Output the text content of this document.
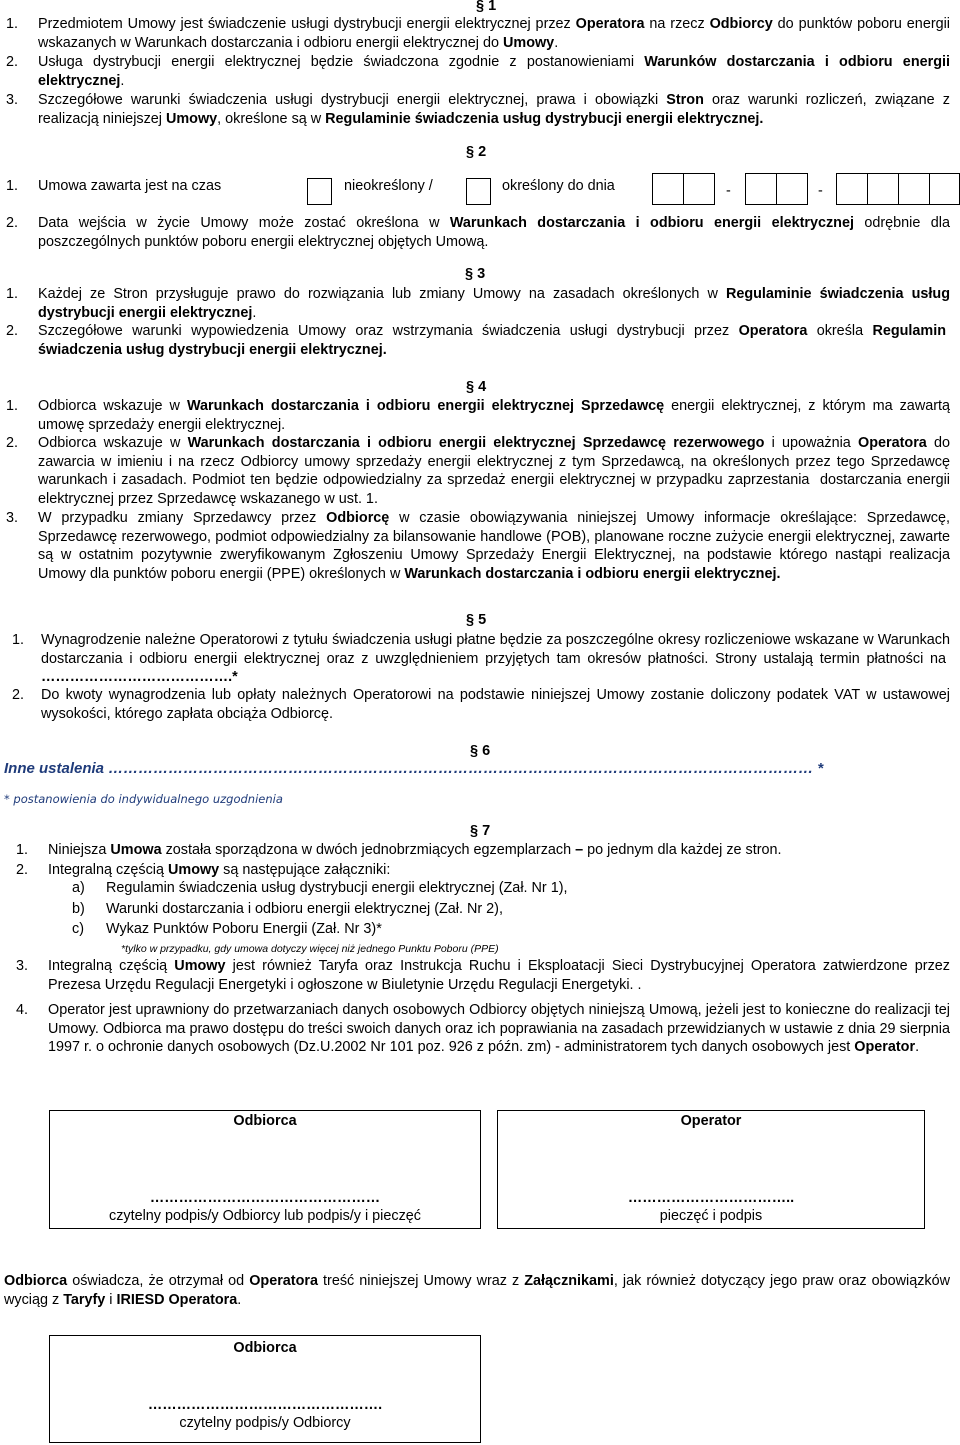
§ 1
1.	Przedmiotem Umowy jest świadczenie usługi dystrybucji energii elektrycznej przez Operatora na rzecz Odbiorcy do punktów poboru energii wskazanych w Warunkach dostarczania i odbioru energii elektrycznej do Umowy.
2.	Usługa dystrybucji energii elektrycznej będzie świadczona zgodnie z postanowieniami Warunków dostarczania i odbioru energii elektrycznej.
3.	Szczegółowe warunki świadczenia usługi dystrybucji energii elektrycznej, prawa i obowiązki Stron oraz warunki rozliczeń, związane z realizacją niniejszej Umowy, określone są w Regulaminie świadczenia usług dystrybucji energii elektrycznej.
§ 2
1. Umowa zawarta jest na czas	nieokreślony /	określony do dnia	-	-
2.	Data wejścia w życie Umowy może zostać określona w Warunkach dostarczania i odbioru energii elektrycznej odrębnie dla poszczególnych punktów poboru energii elektrycznej objętych Umową.
§ 3
1.	Każdej ze Stron przysługuje prawo do rozwiązania lub zmiany Umowy na zasadach określonych w Regulaminie świadczenia usług dystrybucji energii elektrycznej.
2.	Szczegółowe warunki wypowiedzenia Umowy oraz wstrzymania świadczenia usługi dystrybucji przez Operatora określa Regulamin  świadczenia usług dystrybucji energii elektrycznej.
§ 4
1.	Odbiorca wskazuje w Warunkach dostarczania i odbioru energii elektrycznej Sprzedawcę energii elektrycznej, z którym ma zawartą umowę sprzedaży energii elektrycznej.
2.	Odbiorca wskazuje w Warunkach dostarczania i odbioru energii elektrycznej Sprzedawcę rezerwowego i upoważnia Operatora do zawarcia w imieniu i na rzecz Odbiorcy umowy sprzedaży energii elektrycznej z tym Sprzedawcą, na określonych przez tego Sprzedawcę warunkach i zasadach. Podmiot ten będzie odpowiedzialny za sprzedaż energii elektrycznej w przypadku zaprzestania  dostarczania energii elektrycznej przez Sprzedawcę wskazanego w ust. 1.
3.	W przypadku zmiany Sprzedawcy przez Odbiorcę w czasie obowiązywania niniejszej Umowy informacje określające: Sprzedawcę, Sprzedawcę rezerwowego, podmiot odpowiedzialny za bilansowanie handlowe (POB), planowane roczne zużycie energii elektrycznej, zawarte są w ostatnim pozytywnie zweryfikowanym Zgłoszeniu Umowy Sprzedaży Energii Elektrycznej, na podstawie którego nastąpi realizacja Umowy dla punktów poboru energii (PPE) określonych w Warunkach dostarczania i odbioru energii elektrycznej.
§ 5
1.	Wynagrodzenie należne Operatorowi z tytułu świadczenia usługi płatne będzie za poszczególne okresy rozliczeniowe wskazane w Warunkach dostarczania i odbioru energii elektrycznej oraz z uwzględnieniem przyjętych tam okresów płatności. Strony ustalają termin płatności na  ………………………………….*
2.	Do kwoty wynagrodzenia lub opłaty należnych Operatorowi na podstawie niniejszej Umowy zostanie doliczony podatek VAT w ustawowej wysokości, którego zapłata obciąża Odbiorcę.
§ 6
Inne ustalenia …………………………………………………………………………………………………………………………… *
* postanowienia do indywidualnego uzgodnienia
§ 7
1.	Niniejsza Umowa została sporządzona w dwóch jednobrzmiących egzemplarzach – po jednym dla każdej ze stron.
2.	Integralną częścią Umowy są następujące załączniki:
a) Regulamin świadczenia usług dystrybucji energii elektrycznej (Zał. Nr 1),
b) Warunki dostarczania i odbioru energii elektrycznej (Zał. Nr 2),
c) Wykaz Punktów Poboru Energii (Zał. Nr 3)*
*tylko w przypadku, gdy umowa dotyczy więcej niż jednego Punktu Poboru (PPE)
3.	Integralną częścią Umowy jest również Taryfa oraz Instrukcja Ruchu i Eksploatacji Sieci Dystrybucyjnej Operatora zatwierdzone przez Prezesa Urzędu Regulacji Energetyki i ogłoszone w Biuletynie Urzędu Regulacji Energetyki. .
4.	Operator jest uprawniony do przetwarzaniach danych osobowych Odbiorcy objętych niniejszą Umową, jeżeli jest to konieczne do realizacji tej Umowy. Odbiorca ma prawo dostępu do treści swoich danych oraz ich poprawiania na zasadach przewidzianych w ustawie z dnia 29 sierpnia 1997 r. o ochronie danych osobowych (Dz.U.2002 Nr 101 poz. 926 z późn. zm) - administratorem tych danych osobowych jest Operator.
Odbiorca
…………………………………………
czytelny podpis/y Odbiorcy lub podpis/y i pieczęć
Operator
……………………………..
pieczęć i podpis
Odbiorca oświadcza, że otrzymał od Operatora treść niniejszej Umowy wraz z Załącznikami, jak również dotyczący jego praw oraz obowiązków wyciąg z Taryfy i IRIESD Operatora.
Odbiorca
………………………………………….
czytelny podpis/y Odbiorcy
